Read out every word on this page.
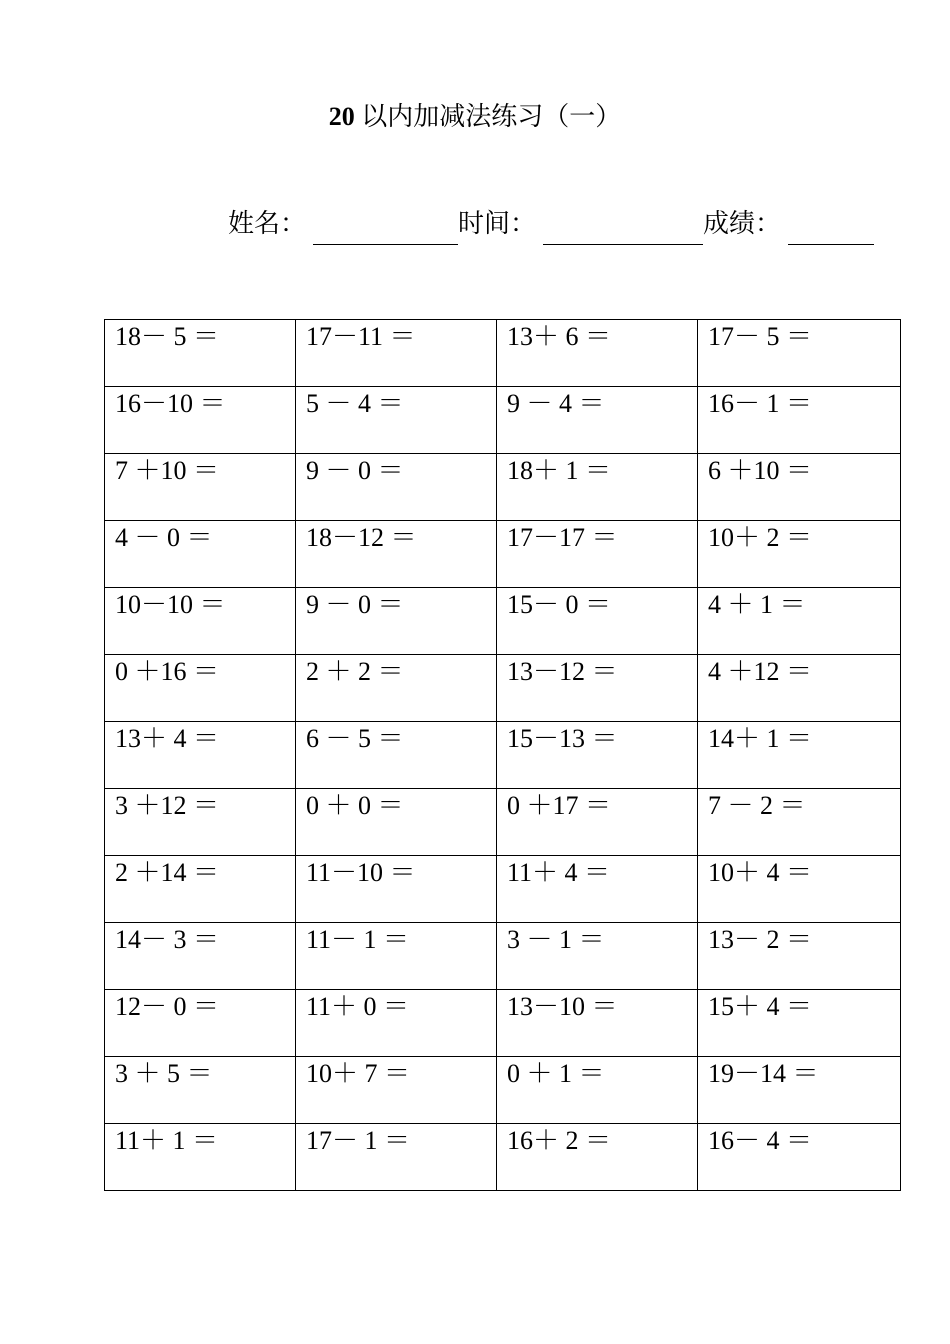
20 以内加减法练习（一）
姓名：	时间：	成绩：
18－ 5 ＝	17－11 ＝	13＋ 6 ＝	17－ 5 ＝

16－10 ＝	5 － 4 ＝	9 － 4 ＝	16－ 1 ＝

7 ＋10 ＝	9 － 0 ＝	18＋ 1 ＝	6 ＋10 ＝

4 － 0 ＝	18－12 ＝	17－17 ＝	10＋ 2 ＝

10－10 ＝	9 － 0 ＝	15－ 0 ＝	4 ＋ 1 ＝

0 ＋16 ＝	2 ＋ 2 ＝	13－12 ＝	4 ＋12 ＝

13＋ 4 ＝	6 － 5 ＝	15－13 ＝	14＋ 1 ＝

3 ＋12 ＝	0 ＋ 0 ＝	0 ＋17 ＝	7 － 2 ＝

2 ＋14 ＝	11－10 ＝	11＋ 4 ＝	10＋ 4 ＝

14－ 3 ＝	11－ 1 ＝	3 － 1 ＝	13－ 2 ＝

12－ 0 ＝	11＋ 0 ＝	13－10 ＝	15＋ 4 ＝

3 ＋ 5 ＝	10＋ 7 ＝	0 ＋ 1 ＝	19－14 ＝

11＋ 1 ＝	17－ 1 ＝	16＋ 2 ＝	16－ 4 ＝
